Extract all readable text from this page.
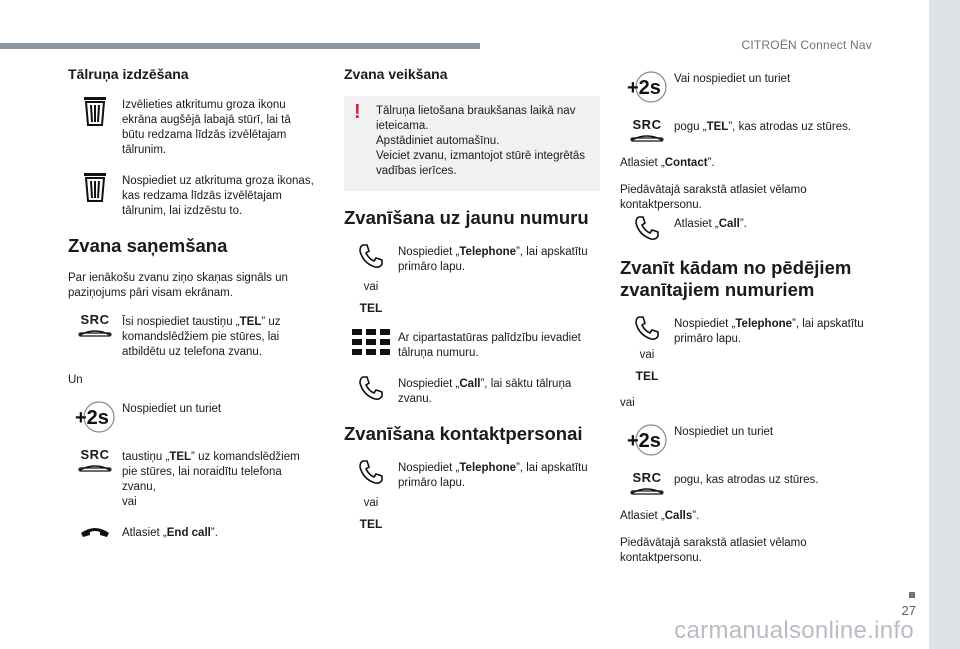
CITROËN Connect Nav
27
carmanualsonline.info
Tālruņa izdzēšana
Izvēlieties atkritumu groza ikonu ekrāna augšējā labajā stūrī, lai tā būtu redzama līdzās izvēlētajam tālrunim.
Nospiediet uz atkrituma groza ikonas, kas redzama līdzās izvēlētajam tālrunim, lai izdzēstu to.
Zvana saņemšana
Par ienākošu zvanu ziņo skaņas signāls un paziņojums pāri visam ekrānam.
SRC Īsi nospiediet taustiņu „TEL” uz komandslēdžiem pie stūres, lai atbildētu uz telefona zvanu.
Un
+2s Nospiediet un turiet
SRC taustiņu „TEL” uz komandslēdžiem pie stūres, lai noraidītu telefona zvanu,
vai
Atlasiet „End call”.
Zvana veikšana
! Tālruņa lietošana braukšanas laikā nav ieteicama.
Apstādiniet automašīnu.
Veiciet zvanu, izmantojot stūrē integrētās vadības ierīces.
Zvanīšana uz jaunu numuru
vai
TEL
Nospiediet „Telephone”, lai apskatītu primāro lapu.
Ar cipartastatūras palīdzību ievadiet tālruņa numuru.
Nospiediet „Call”, lai sāktu tālruņa zvanu.
Zvanīšana kontaktpersonai
vai
TEL
Nospiediet „Telephone”, lai apskatītu primāro lapu.
+2s Vai nospiediet un turiet
SRC pogu „TEL”, kas atrodas uz stūres.
Atlasiet „Contact”.
Piedāvātajā sarakstā atlasiet vēlamo kontaktpersonu.
Atlasiet „Call”.
Zvanīt kādam no pēdējiem zvanītajiem numuriem
vai
TEL
Nospiediet „Telephone”, lai apskatītu primāro lapu.
vai
+2s Nospiediet un turiet
SRC pogu, kas atrodas uz stūres.
Atlasiet „Calls”.
Piedāvātajā sarakstā atlasiet vēlamo kontaktpersonu.
